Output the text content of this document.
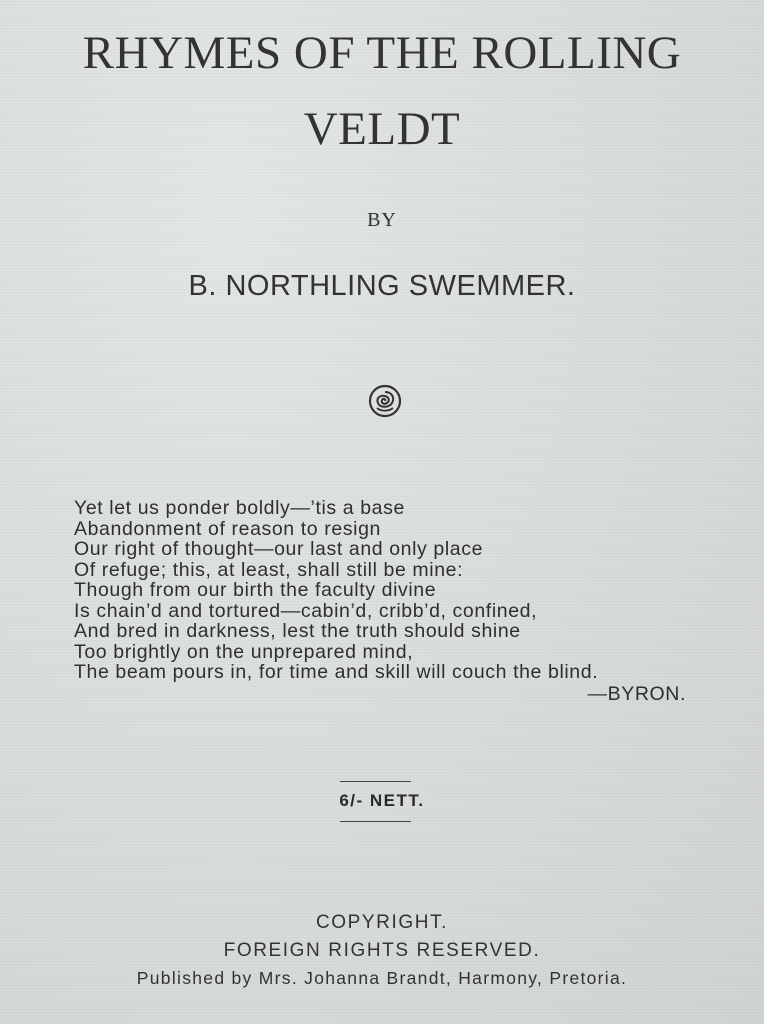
RHYMES OF THE ROLLING
VELDT
BY
B. NORTHLING SWEMMER.
Yet let us ponder boldly—’tis a base
Abandonment of reason to resign
Our right of thought—our last and only place
Of refuge; this, at least, shall still be mine:
Though from our birth the faculty divine
Is chain’d and tortured—cabin’d, cribb’d, confined,
And bred in darkness, lest the truth should shine
Too brightly on the unprepared mind,
The beam pours in, for time and skill will couch the blind.
—BYRON.
6/- NETT.
COPYRIGHT.
FOREIGN RIGHTS RESERVED.
Published by Mrs. Johanna Brandt, Harmony, Pretoria.
